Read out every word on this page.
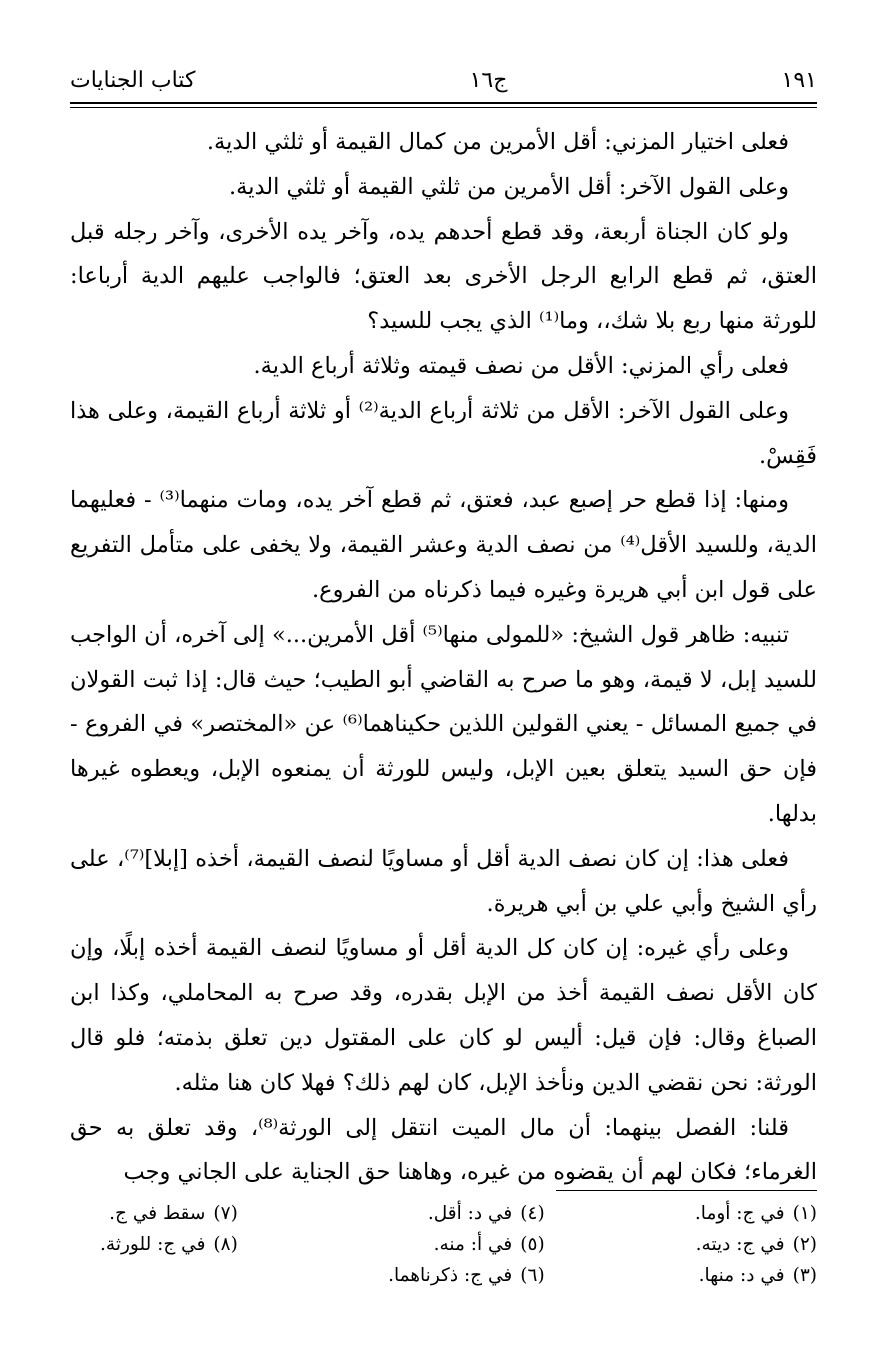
١٩١
ج١٦
كتاب الجنايات

فعلى اختيار المزني: أقل الأمرين من كمال القيمة أو ثلثي الدية.

وعلى القول الآخر: أقل الأمرين من ثلثي القيمة أو ثلثي الدية.

ولو كان الجناة أربعة، وقد قطع أحدهم يده، وآخر يده الأخرى، وآخر رجله قبل العتق، ثم قطع الرابع الرجل الأخرى بعد العتق؛ فالواجب عليهم الدية أرباعا: للورثة منها ربع بلا شك،، وما⁽¹⁾ الذي يجب للسيد؟

فعلى رأي المزني: الأقل من نصف قيمته وثلاثة أرباع الدية.

وعلى القول الآخر: الأقل من ثلاثة أرباع الدية⁽²⁾ أو ثلاثة أرباع القيمة، وعلى هذا فَقِسْ.

ومنها: إذا قطع حر إصبع عبد، فعتق، ثم قطع آخر يده، ومات منهما⁽³⁾ - فعليهما الدية، وللسيد الأقل⁽⁴⁾ من نصف الدية وعشر القيمة، ولا يخفى على متأمل التفريع على قول ابن أبي هريرة وغيره فيما ذكرناه من الفروع.

تنبيه: ظاهر قول الشيخ: «للمولى منها⁽⁵⁾ أقل الأمرين...» إلى آخره، أن الواجب للسيد إبل، لا قيمة، وهو ما صرح به القاضي أبو الطيب؛ حيث قال: إذا ثبت القولان في جميع المسائل - يعني القولين اللذين حكيناهما⁽⁶⁾ عن «المختصر» في الفروع - فإن حق السيد يتعلق بعين الإبل، وليس للورثة أن يمنعوه الإبل، ويعطوه غيرها بدلها.

فعلى هذا: إن كان نصف الدية أقل أو مساويًا لنصف القيمة، أخذه [إبلا]⁽⁷⁾، على رأي الشيخ وأبي علي بن أبي هريرة.

وعلى رأي غيره: إن كان كل الدية أقل أو مساويًا لنصف القيمة أخذه إبلًا، وإن كان الأقل نصف القيمة أخذ من الإبل بقدره، وقد صرح به المحاملي، وكذا ابن الصباغ وقال: فإن قيل: أليس لو كان على المقتول دين تعلق بذمته؛ فلو قال الورثة: نحن نقضي الدين ونأخذ الإبل، كان لهم ذلك؟ فهلا كان هنا مثله.

قلنا: الفصل بينهما: أن مال الميت انتقل إلى الورثة⁽⁸⁾، وقد تعلق به حق الغرماء؛ فكان لهم أن يقضوه من غيره، وهاهنا حق الجناية على الجاني وجب

(١)في ج: أوما.
(٢)في ج: ديته.
(٣)في د: منها.
(٤)في د: أقل.
(٥)في أ: منه.
(٦)في ج: ذكرناهما.
(٧)سقط في ج.
(٨)في ج: للورثة.
